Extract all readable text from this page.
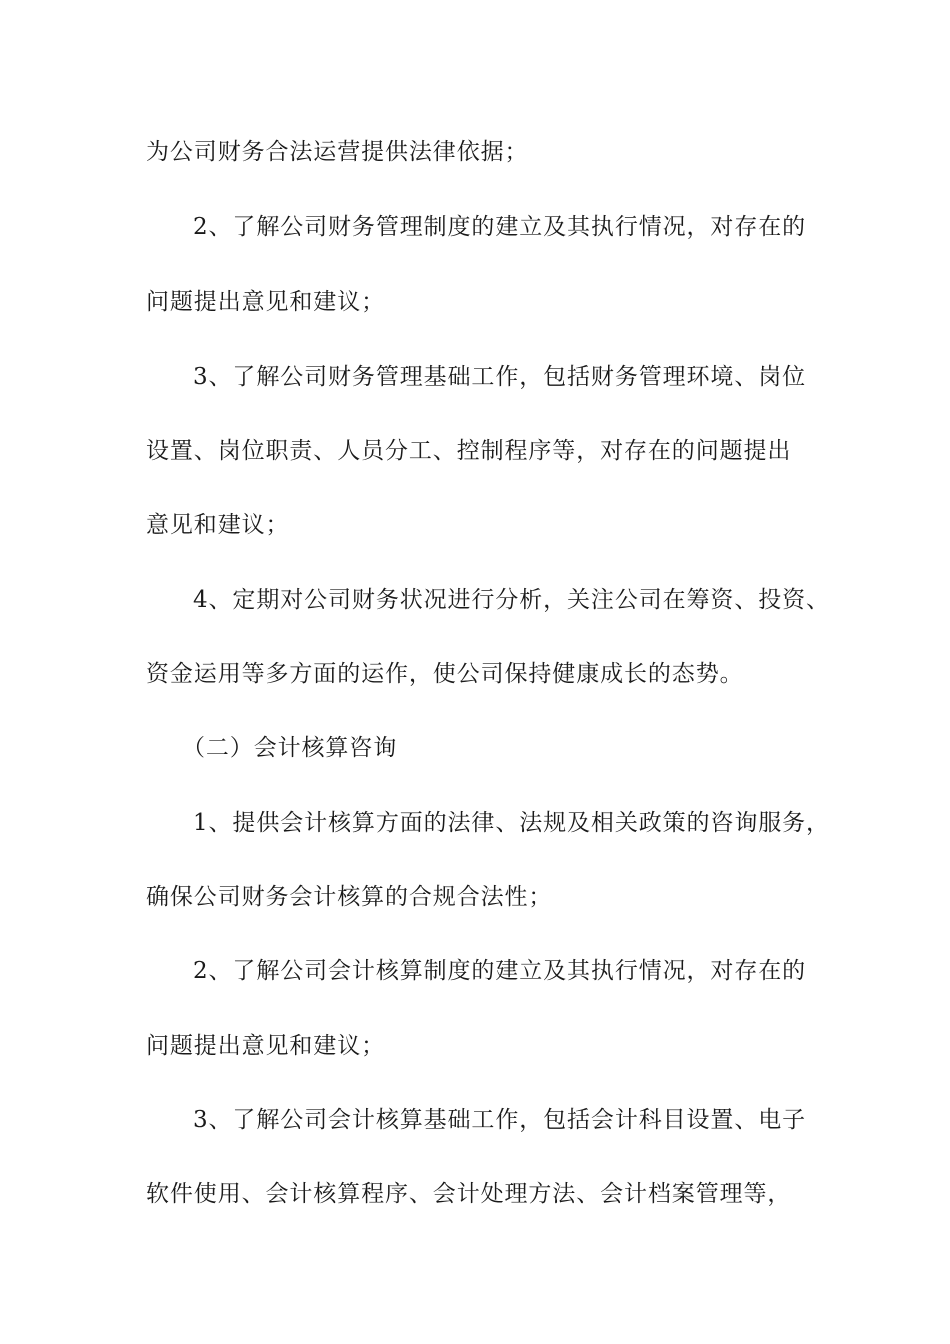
为公司财务合法运营提供法律依据；
2、了解公司财务管理制度的建立及其执行情况，对存在的
问题提出意见和建议；
3、了解公司财务管理基础工作，包括财务管理环境、岗位
设置、岗位职责、人员分工、控制程序等，对存在的问题提出
意见和建议；
4、定期对公司财务状况进行分析，关注公司在筹资、投资、
资金运用等多方面的运作，使公司保持健康成长的态势。
（二）会计核算咨询
1、提供会计核算方面的法律、法规及相关政策的咨询服务，
确保公司财务会计核算的合规合法性；
2、了解公司会计核算制度的建立及其执行情况，对存在的
问题提出意见和建议；
3、了解公司会计核算基础工作，包括会计科目设置、电子
软件使用、会计核算程序、会计处理方法、会计档案管理等，
